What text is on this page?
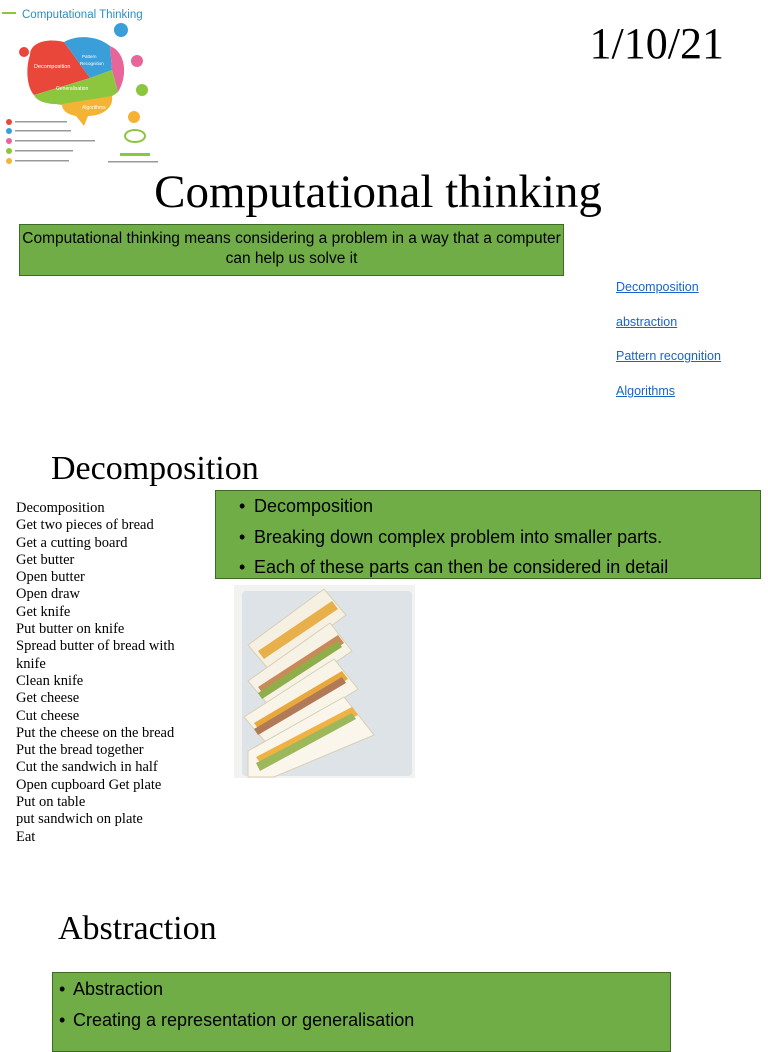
Computational Thinking
Decomposition
Pattern
Recognition
Generalisation
Algorithms
1/10/21
Computational thinking
Computational thinking means considering a problem in a way that a computer can help us solve it
Decomposition
abstraction
Pattern recognition
Algorithms
Decomposition
Decomposition
Get two pieces of bread
Get a cutting board
Get butter
Open butter
Open draw
Get knife
Put butter on knife
Spread butter of bread with knife
Clean knife
Get cheese
Cut cheese
Put the cheese on the bread
Put the bread together
Cut the sandwich in half
Open cupboard Get plate
Put on table
put sandwich on plate
Eat
• Decomposition
• Breaking down complex problem into smaller parts.
• Each of these parts can then be considered in detail
Abstraction
• Abstraction
• Creating a representation or generalisation
